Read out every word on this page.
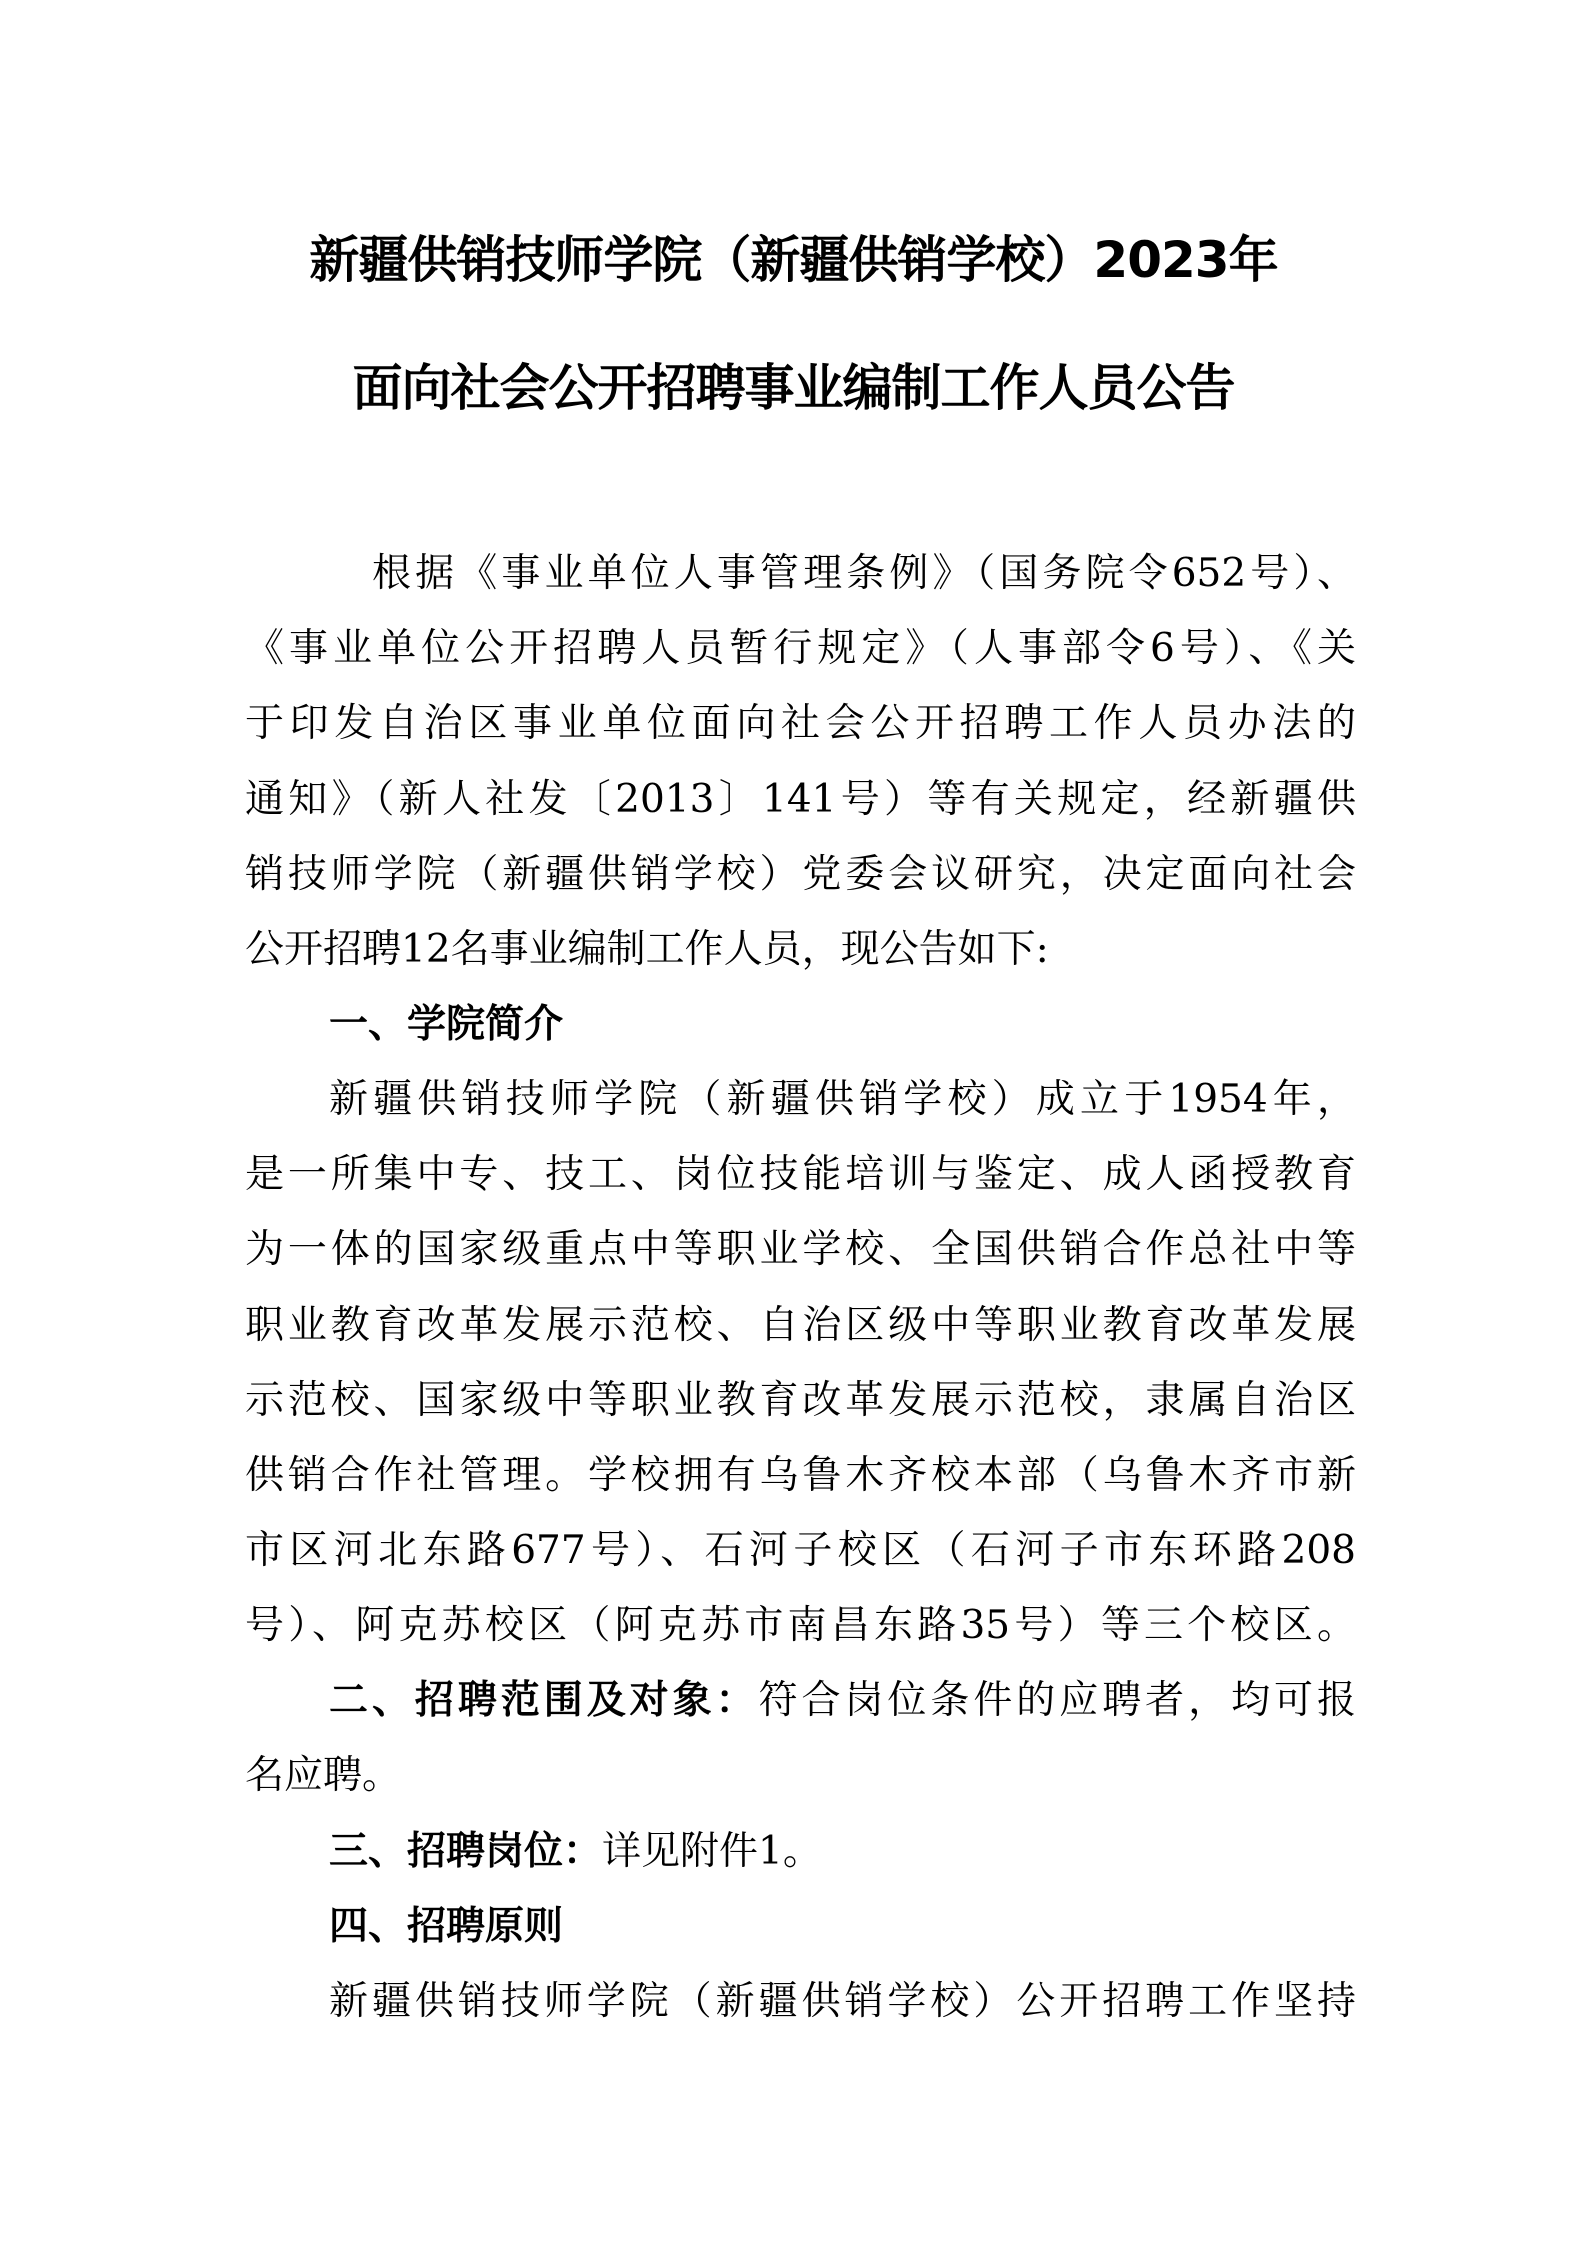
新疆供销技师学院（新疆供销学校）2023年
面向社会公开招聘事业编制工作人员公告
根据《事业单位人事管理条例》（国务院令652号）、
《事业单位公开招聘人员暂行规定》（人事部令6号）、《关
于印发自治区事业单位面向社会公开招聘工作人员办法的
通知》（新人社发〔2013〕141号）等有关规定，经新疆供
销技师学院（新疆供销学校）党委会议研究，决定面向社会
公开招聘12名事业编制工作人员，现公告如下:
一、学院简介
新疆供销技师学院（新疆供销学校）成立于1954年，
是一所集中专、技工、岗位技能培训与鉴定、成人函授教育
为一体的国家级重点中等职业学校、全国供销合作总社中等
职业教育改革发展示范校、自治区级中等职业教育改革发展
示范校、国家级中等职业教育改革发展示范校，隶属自治区
供销合作社管理。学校拥有乌鲁木齐校本部（乌鲁木齐市新
市区河北东路677号）、石河子校区（石河子市东环路208
号）、阿克苏校区（阿克苏市南昌东路35号）等三个校区。
二、招聘范围及对象：符合岗位条件的应聘者，均可报
名应聘。
三、招聘岗位：详见附件1。
四、招聘原则
新疆供销技师学院（新疆供销学校）公开招聘工作坚持
